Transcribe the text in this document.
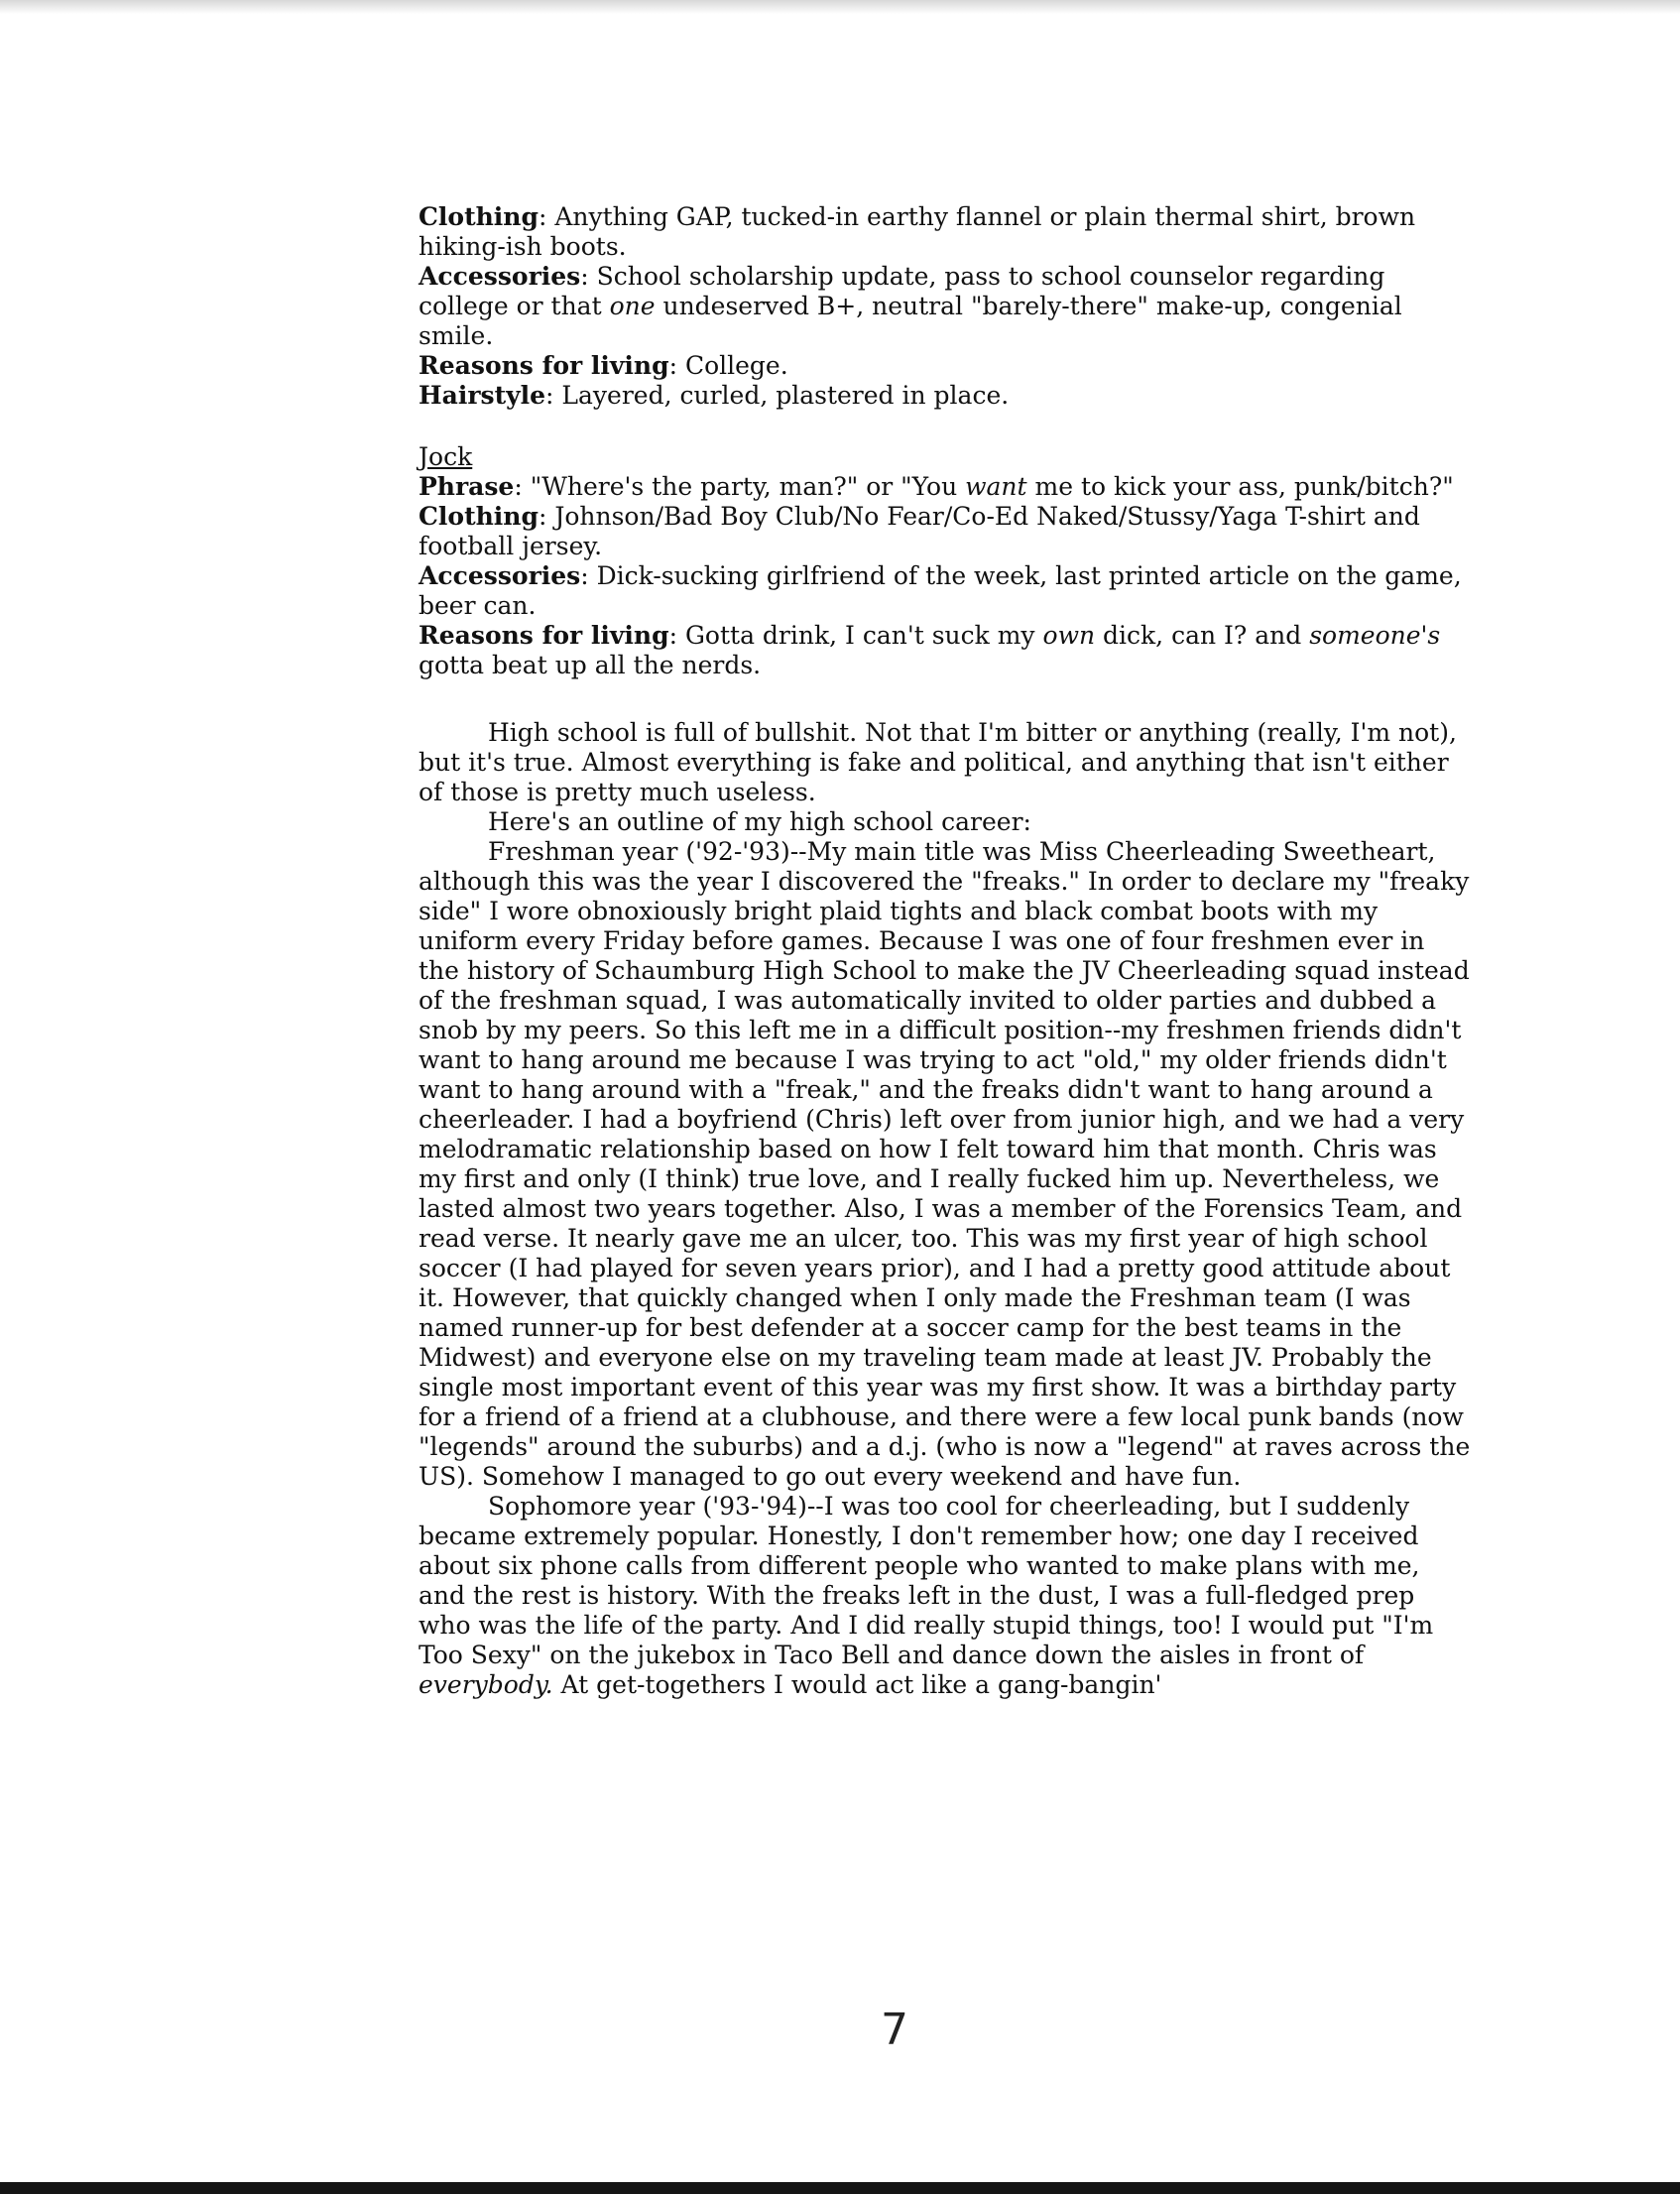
Clothing: Anything GAP, tucked-in earthy flannel or plain thermal shirt, brown hiking-ish boots.

Accessories: School scholarship update, pass to school counselor regarding college or that one undeserved B+, neutral "barely-there" make-up, congenial smile.

Reasons for living: College.

Hairstyle: Layered, curled, plastered in place.

Jock

Phrase: "Where's the party, man?" or "You want me to kick your ass, punk/bitch?"

Clothing: Johnson/Bad Boy Club/No Fear/Co-Ed Naked/Stussy/Yaga T-shirt and football jersey.

Accessories: Dick-sucking girlfriend of the week, last printed article on the game, beer can.

Reasons for living: Gotta drink, I can't suck my own dick, can I? and someone's gotta beat up all the nerds.

High school is full of bullshit. Not that I'm bitter or anything (really, I'm not), but it's true. Almost everything is fake and political, and anything that isn't either of those is pretty much useless.

Here's an outline of my high school career:

Freshman year ('92-'93)--My main title was Miss Cheerleading Sweetheart, although this was the year I discovered the "freaks." In order to declare my "freaky side" I wore obnoxiously bright plaid tights and black combat boots with my uniform every Friday before games. Because I was one of four freshmen ever in the history of Schaumburg High School to make the JV Cheerleading squad instead of the freshman squad, I was automatically invited to older parties and dubbed a snob by my peers. So this left me in a difficult position--my freshmen friends didn't want to hang around me because I was trying to act "old," my older friends didn't want to hang around with a "freak," and the freaks didn't want to hang around a cheerleader. I had a boyfriend (Chris) left over from junior high, and we had a very melodramatic relationship based on how I felt toward him that month. Chris was my first and only (I think) true love, and I really fucked him up. Nevertheless, we lasted almost two years together. Also, I was a member of the Forensics Team, and read verse. It nearly gave me an ulcer, too. This was my first year of high school soccer (I had played for seven years prior), and I had a pretty good attitude about it. However, that quickly changed when I only made the Freshman team (I was named runner-up for best defender at a soccer camp for the best teams in the Midwest) and everyone else on my traveling team made at least JV. Probably the single most important event of this year was my first show. It was a birthday party for a friend of a friend at a clubhouse, and there were a few local punk bands (now "legends" around the suburbs) and a d.j. (who is now a "legend" at raves across the US). Somehow I managed to go out every weekend and have fun.

Sophomore year ('93-'94)--I was too cool for cheerleading, but I suddenly became extremely popular. Honestly, I don't remember how; one day I received about six phone calls from different people who wanted to make plans with me, and the rest is history. With the freaks left in the dust, I was a full-fledged prep who was the life of the party. And I did really stupid things, too! I would put "I'm Too Sexy" on the jukebox in Taco Bell and dance down the aisles in front of everybody. At get-togethers I would act like a gang-bangin'

7
